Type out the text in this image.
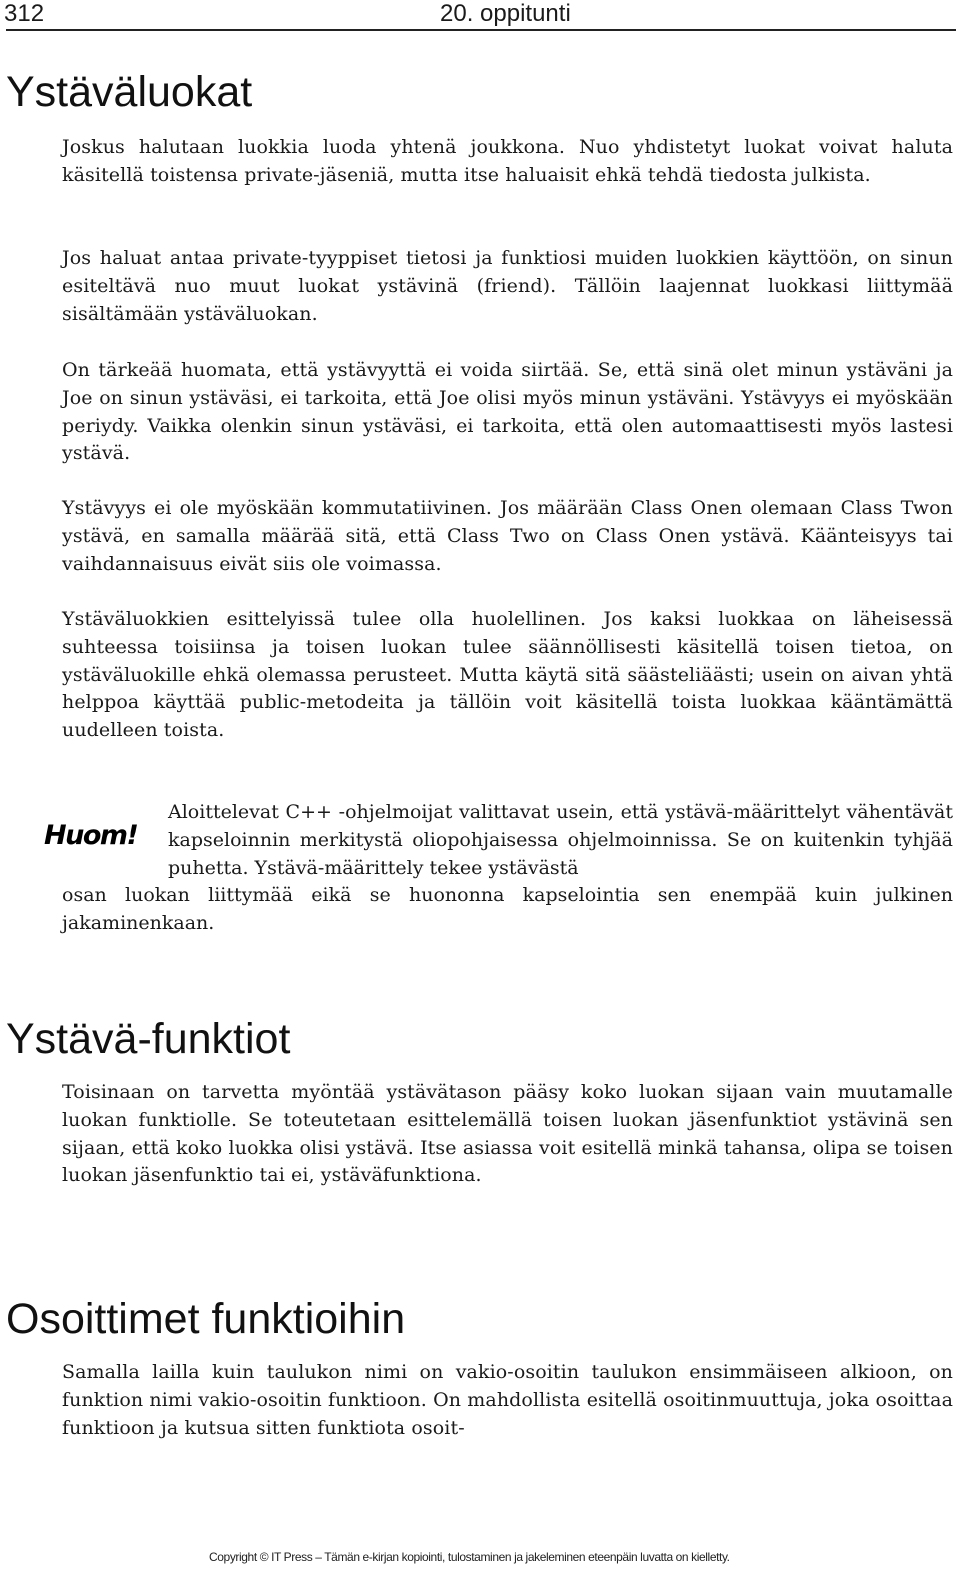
312	20. oppitunti
Ystäväluokat

Joskus halutaan luokkia luoda yhtenä joukkona. Nuo yhdistetyt luokat voivat haluta käsitellä toistensa private-jäseniä, mutta itse haluaisit ehkä tehdä tiedosta julkista.

Jos haluat antaa private-tyyppiset tietosi ja funktiosi muiden luokkien käyttöön, on sinun esiteltävä nuo muut luokat ystävinä (friend). Tällöin laajennat luokkasi liittymää sisältämään ystäväluokan.

On tärkeää huomata, että ystävyyttä ei voida siirtää. Se, että sinä olet minun ystäväni ja Joe on sinun ystäväsi, ei tarkoita, että Joe olisi myös minun ystäväni. Ystävyys ei myöskään periydy. Vaikka olenkin sinun ystäväsi, ei tarkoita, että olen automaattisesti myös lastesi ystävä.

Ystävyys ei ole myöskään kommutatiivinen. Jos määrään Class Onen olemaan Class Twon ystävä, en samalla määrää sitä, että Class Two on Class Onen ystävä. Käänteisyys tai vaihdannaisuus eivät siis ole voimassa.

Ystäväluokkien esittelyissä tulee olla huolellinen. Jos kaksi luokkaa on läheisessä suhteessa toisiinsa ja toisen luokan tulee säännöllisesti käsitellä toisen tietoa, on ystäväluokille ehkä olemassa perusteet. Mutta käytä sitä säästeliäästi; usein on aivan yhtä helppoa käyttää public-metodeita ja tällöin voit käsitellä toista luokkaa kääntämättä uudelleen toista.

Huom!

Aloittelevat C++ -ohjelmoijat valittavat usein, että ystävä-määrittelyt vähentävät kapseloinnin merkitystä oliopohjaisessa ohjelmoinnissa. Se on kuitenkin tyhjää puhetta. Ystävä-määrittely tekee ystävästä

osan luokan liittymää eikä se huononna kapselointia sen enempää kuin julkinen jakaminenkaan.

Ystävä-funktiot

Toisinaan on tarvetta myöntää ystävätason pääsy koko luokan sijaan vain muutamalle luokan funktiolle. Se toteutetaan esittelemällä toisen luokan jäsenfunktiot ystävinä sen sijaan, että koko luokka olisi ystävä. Itse asiassa voit esitellä minkä tahansa, olipa se toisen luokan jäsenfunktio tai ei, ystäväfunktiona.

Osoittimet funktioihin

Samalla lailla kuin taulukon nimi on vakio-osoitin taulukon ensimmäiseen alkioon, on funktion nimi vakio-osoitin funktioon. On mahdollista esitellä osoitinmuuttuja, joka osoittaa funktioon ja kutsua sitten funktiota osoit-

Copyright © IT Press – Tämän e-kirjan kopiointi, tulostaminen ja jakeleminen eteenpäin luvatta on kielletty.
